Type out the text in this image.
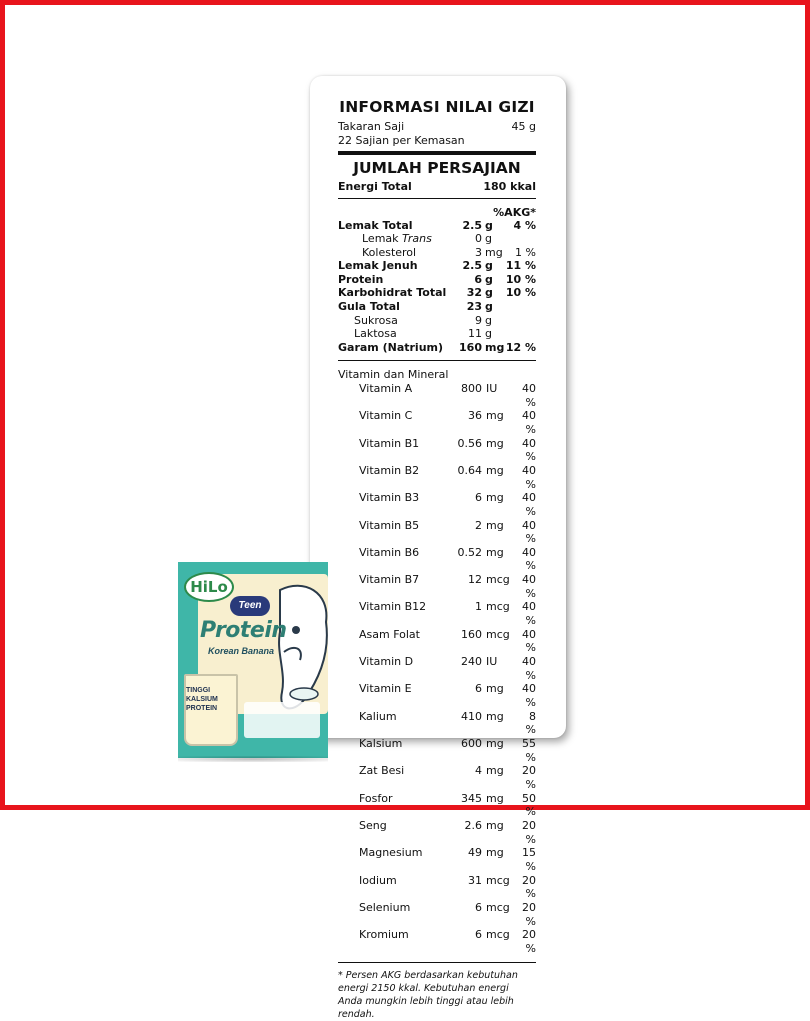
INFORMASI NILAI GIZI
Takaran Saji	45 g
22 Sajian per Kemasan
JUMLAH PERSAJIAN
Energi Total	180 kkal
%AKG*
Lemak Total	2.5 g	4 %
Lemak Trans	0 g
Kolesterol	3 mg	1 %
Lemak Jenuh	2.5 g	11 %
Protein	6 g	10 %
Karbohidrat Total	32 g	10 %
Gula Total	23 g
Sukrosa	9 g
Laktosa	11 g
Garam (Natrium)	160 mg 12 %
Vitamin dan Mineral
Vitamin A	800 IU	40 %
Vitamin C	36 mg	40 %
Vitamin B1	0.56 mg	40 %
Vitamin B2	0.64 mg	40 %
Vitamin B3	6 mg	40 %
Vitamin B5	2 mg	40 %
Vitamin B6	0.52 mg	40 %
Vitamin B7	12 mcg	40 %
Vitamin B12	1 mcg	40 %
Asam Folat	160 mcg	40 %
Vitamin D	240 IU	40 %
Vitamin E	6 mg	40 %
Kalium	410 mg	8 %
Kalsium	600 mg	55 %
Zat Besi	4 mg	20 %
Fosfor	345 mg	50 %
Seng	2.6 mg	20 %
Magnesium	49 mg	15 %
Iodium	31 mcg	20 %
Selenium	6 mcg	20 %
Kromium	6 mcg	20 %
* Persen AKG berdasarkan kebutuhan energi 2150 kkal. Kebutuhan energi Anda mungkin lebih tinggi atau lebih rendah.
HiLo
Teen
Protein
Korean Banana
TINGGI KALSIUM PROTEIN
